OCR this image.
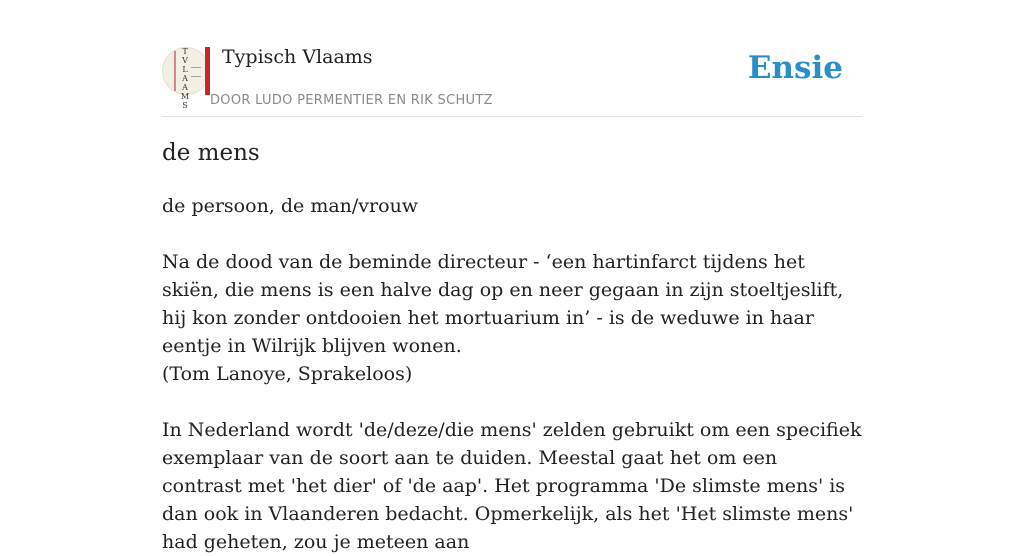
T
V
L
A
A
M
S
Typisch Vlaams
DOOR LUDO PERMENTIER EN RIK SCHUTZ
Ensie
de mens

de persoon, de man/vrouw

Na de dood van de beminde directeur - ‘een hartinfarct tijdens het skiën, die mens is een halve dag op en neer gegaan in zijn stoeltjeslift, hij kon zonder ontdooien het mortuarium in’ - is de weduwe in haar eentje in Wilrijk blijven wonen.

(Tom Lanoye, Sprakeloos)

In Nederland wordt 'de/deze/die mens' zelden gebruikt om een specifiek exemplaar van de soort aan te duiden. Meestal gaat het om een contrast met 'het dier' of 'de aap'. Het programma 'De slimste mens' is dan ook in Vlaanderen bedacht. Opmerkelijk, als het 'Het slimste mens' had geheten, zou je meteen aan
